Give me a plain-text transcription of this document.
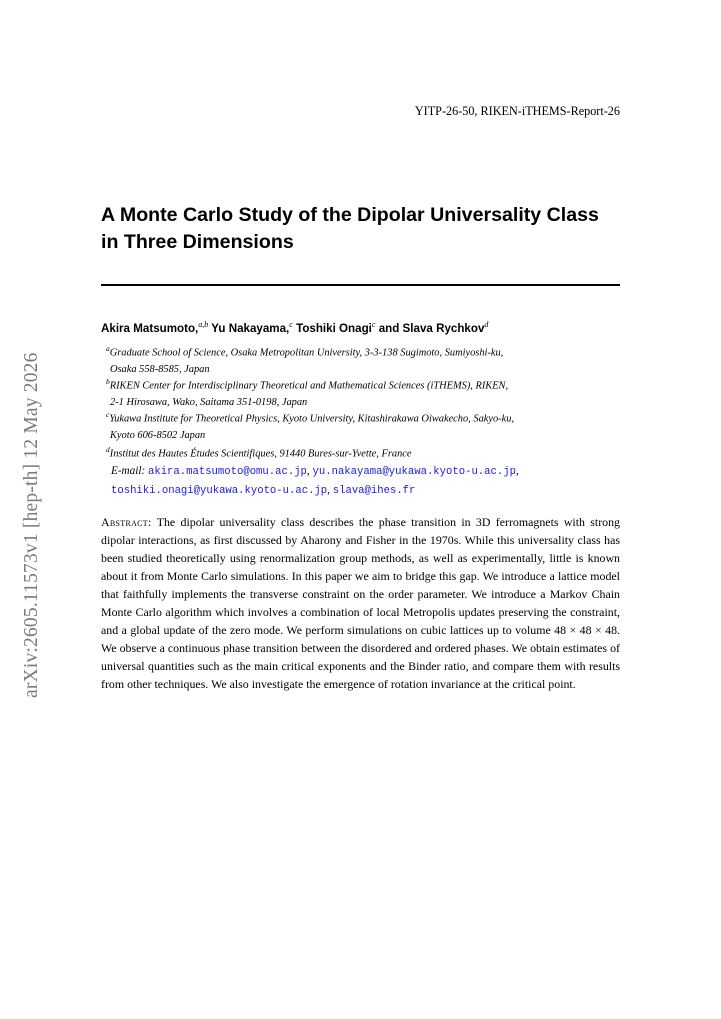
arXiv:2605.11573v1 [hep-th] 12 May 2026
YITP-26-50, RIKEN-iTHEMS-Report-26
A Monte Carlo Study of the Dipolar Universality Class
in Three Dimensions
Akira Matsumoto,$^{a,b}$ Yu Nakayama,$^c$ Toshiki Onagi$^c$ and Slava Rychkov$^d$
$^a$Graduate School of Science, Osaka Metropolitan University, 3-3-138 Sugimoto, Sumiyoshi-ku,
Osaka 558-8585, Japan
$^b$RIKEN Center for Interdisciplinary Theoretical and Mathematical Sciences (iTHEMS), RIKEN,
2-1 Hirosawa, Wako, Saitama 351-0198, Japan
$^c$Yukawa Institute for Theoretical Physics, Kyoto University, Kitashirakawa Oiwakecho, Sakyo-ku,
Kyoto 606-8502 Japan
$^d$Institut des Hautes Études Scientifiques, 91440 Bures-sur-Yvette, France
E-mail: akira.matsumoto@omu.ac.jp, yu.nakayama@yukawa.kyoto-u.ac.jp,
toshiki.onagi@yukawa.kyoto-u.ac.jp, slava@ihes.fr
Abstract: The dipolar universality class describes the phase transition in 3D ferromagnets with strong dipolar interactions, as first discussed by Aharony and Fisher in the 1970s. While this universality class has been studied theoretically using renormalization group methods, as well as experimentally, little is known about it from Monte Carlo simulations. In this paper we aim to bridge this gap. We introduce a lattice model that faithfully implements the transverse constraint on the order parameter. We introduce a Markov Chain Monte Carlo algorithm which involves a combination of local Metropolis updates preserving the constraint, and a global update of the zero mode. We perform simulations on cubic lattices up to volume 48 × 48 × 48. We observe a continuous phase transition between the disordered and ordered phases. We obtain estimates of universal quantities such as the main critical exponents and the Binder ratio, and compare them with results from other techniques. We also investigate the emergence of rotation invariance at the critical point.
